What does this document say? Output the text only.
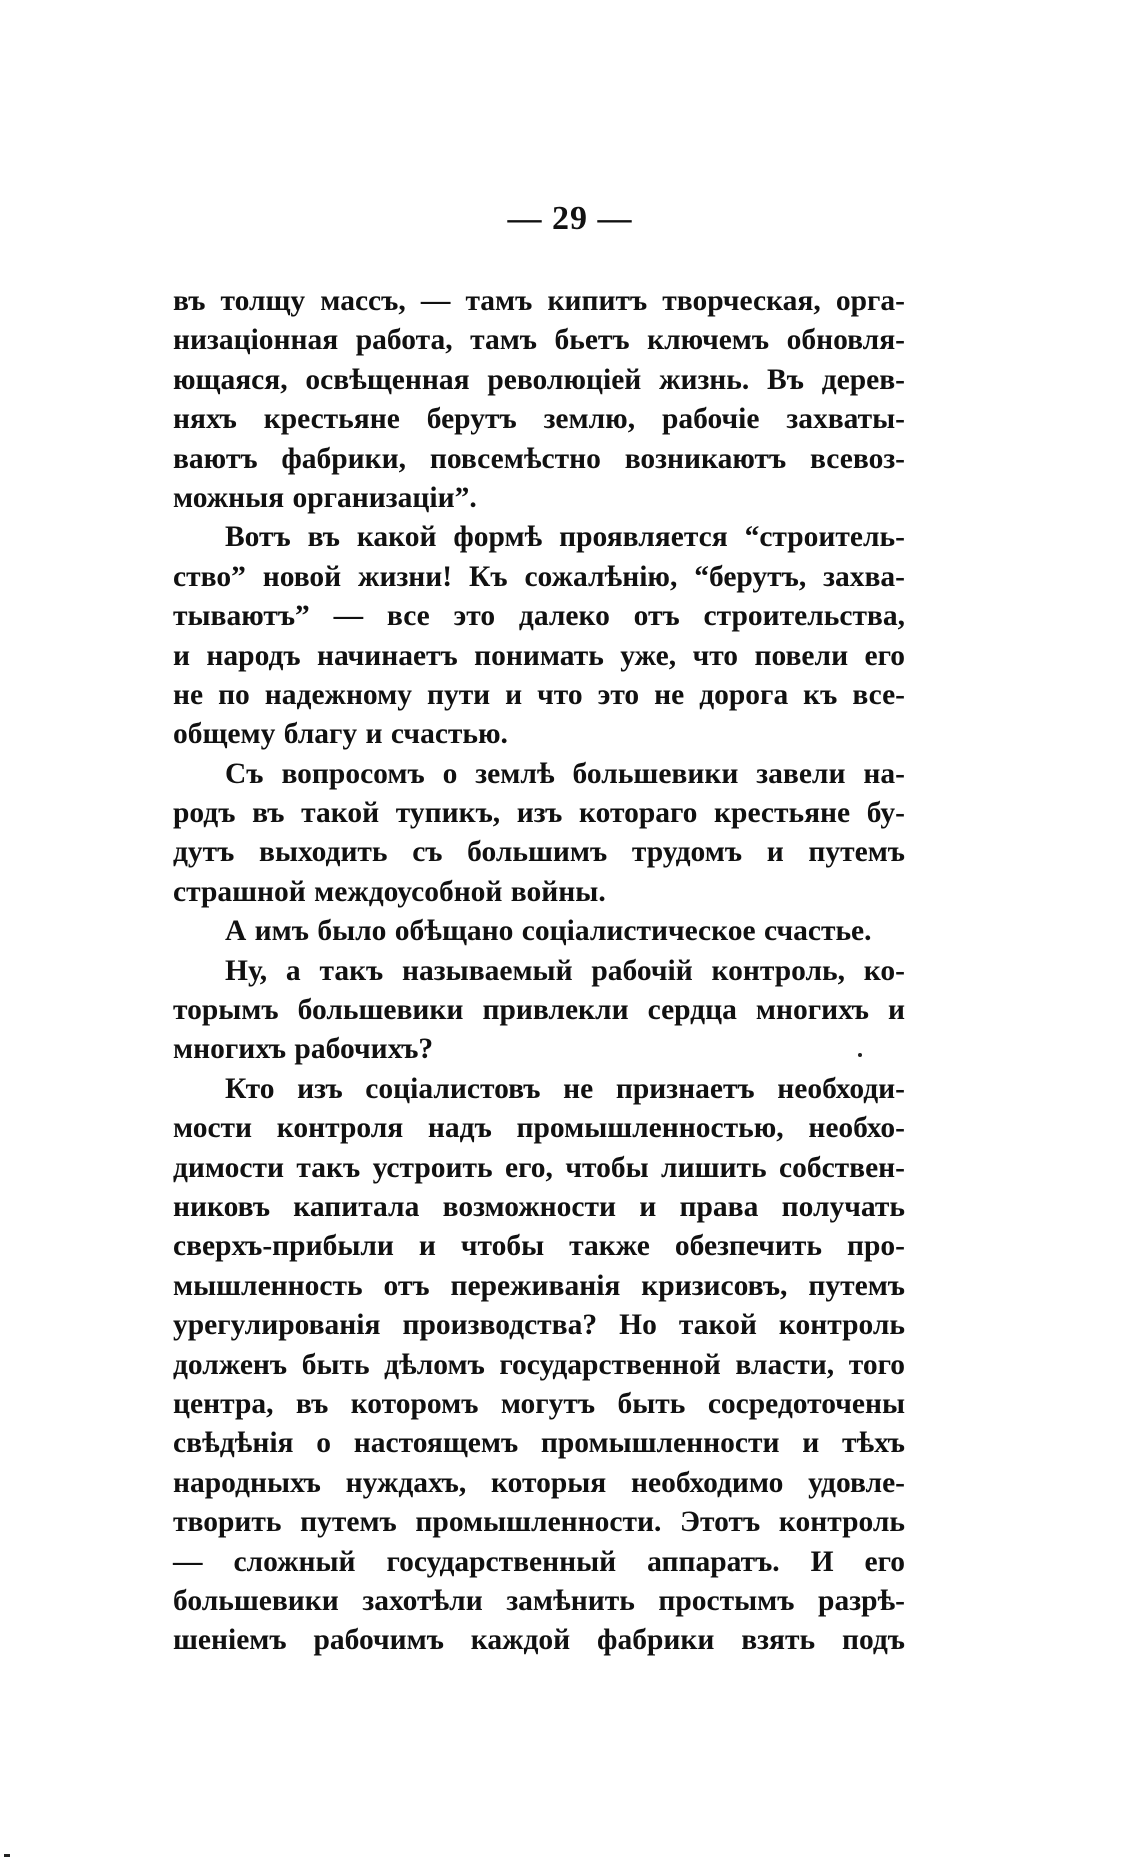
— 29 —
въ толщу массъ, — тамъ кипитъ творческая, орга-
низаціонная работа, тамъ бьетъ ключемъ обновля-
ющаяся, освѣщенная революціей жизнь. Въ дерев-
няхъ крестьяне берутъ землю, рабочіе захваты-
ваютъ фабрики, повсемѣстно возникаютъ всевоз-
можныя организаціи”.
Вотъ въ какой формѣ проявляется “строитель-
ство” новой жизни! Къ сожалѣнію, “берутъ, захва-
тываютъ” — все это далеко отъ строительства,
и народъ начинаетъ понимать уже, что повели его
не по надежному пути и что это не дорога къ все-
общему благу и счастью.
Съ вопросомъ о землѣ большевики завели на-
родъ въ такой тупикъ, изъ котораго крестьяне бу-
дутъ выходить съ большимъ трудомъ и путемъ
страшной междоусобной войны.
А имъ было обѣщано соціалистическое счастье.
Ну, а такъ называемый рабочій контроль, ко-
торымъ большевики привлекли сердца многихъ и
многихъ рабочихъ?
Кто изъ соціалистовъ не признаетъ необходи-
мости контроля надъ промышленностью, необхо-
димости такъ устроить его, чтобы лишить собствен-
никовъ капитала возможности и права получать
сверхъ-прибыли и чтобы также обезпечить про-
мышленность отъ переживанія кризисовъ, путемъ
урегулированія производства? Но такой контроль
долженъ быть дѣломъ государственной власти, того
центра, въ которомъ могутъ быть сосредоточены
свѣдѣнія о настоящемъ промышленности и тѣхъ
народныхъ нуждахъ, которыя необходимо удовле-
творить путемъ промышленности. Этотъ контроль
— сложный государственный аппаратъ. И его
большевики захотѣли замѣнить простымъ разрѣ-
шеніемъ рабочимъ каждой фабрики взять подъ
